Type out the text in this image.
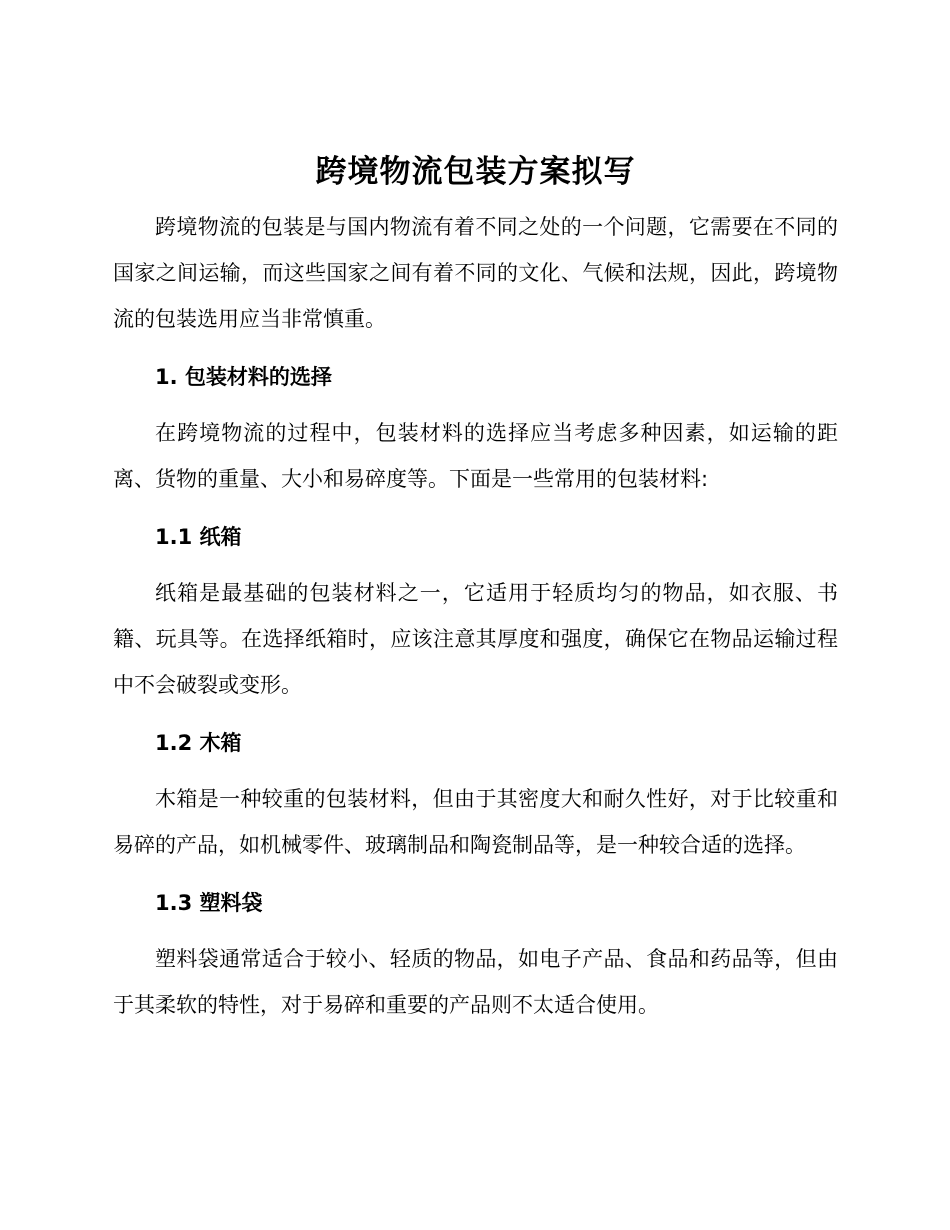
跨境物流包装方案拟写

跨境物流的包装是与国内物流有着不同之处的一个问题，它需要在不同的国家之间运输，而这些国家之间有着不同的文化、气候和法规，因此，跨境物流的包装选用应当非常慎重。

1. 包装材料的选择

在跨境物流的过程中，包装材料的选择应当考虑多种因素，如运输的距离、货物的重量、大小和易碎度等。下面是一些常用的包装材料:

1.1 纸箱

纸箱是最基础的包装材料之一，它适用于轻质均匀的物品，如衣服、书籍、玩具等。在选择纸箱时，应该注意其厚度和强度，确保它在物品运输过程中不会破裂或变形。

1.2 木箱

木箱是一种较重的包装材料，但由于其密度大和耐久性好，对于比较重和易碎的产品，如机械零件、玻璃制品和陶瓷制品等，是一种较合适的选择。

1.3 塑料袋

塑料袋通常适合于较小、轻质的物品，如电子产品、食品和药品等，但由于其柔软的特性，对于易碎和重要的产品则不太适合使用。
